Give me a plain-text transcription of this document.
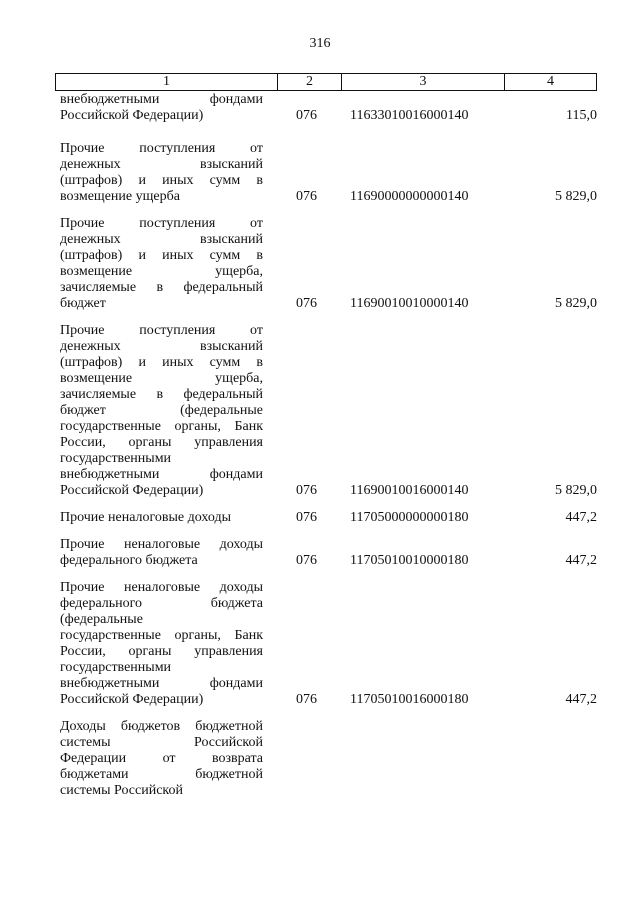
316
1	2	3	4
внебюджетными фондами
Российской Федерации)	076	11633010016000140	115,0
Прочие поступления от
денежных взысканий
(штрафов) и иных сумм в
возмещение ущерба	076	11690000000000140	5 829,0
Прочие поступления от
денежных взысканий
(штрафов) и иных сумм в
возмещение ущерба,
зачисляемые в федеральный
бюджет	076	11690010010000140	5 829,0
Прочие поступления от
денежных взысканий
(штрафов) и иных сумм в
возмещение ущерба,
зачисляемые в федеральный
бюджет (федеральные
государственные органы, Банк
России, органы управления
государственными
внебюджетными фондами
Российской Федерации)	076	11690010016000140	5 829,0
Прочие неналоговые доходы	076	11705000000000180	447,2
Прочие неналоговые доходы
федерального бюджета	076	11705010010000180	447,2
Прочие неналоговые доходы
федерального бюджета
(федеральные
государственные органы, Банк
России, органы управления
государственными
внебюджетными фондами
Российской Федерации)	076	11705010016000180	447,2
Доходы бюджетов бюджетной
системы Российской
Федерации от возврата
бюджетами бюджетной
системы Российской
